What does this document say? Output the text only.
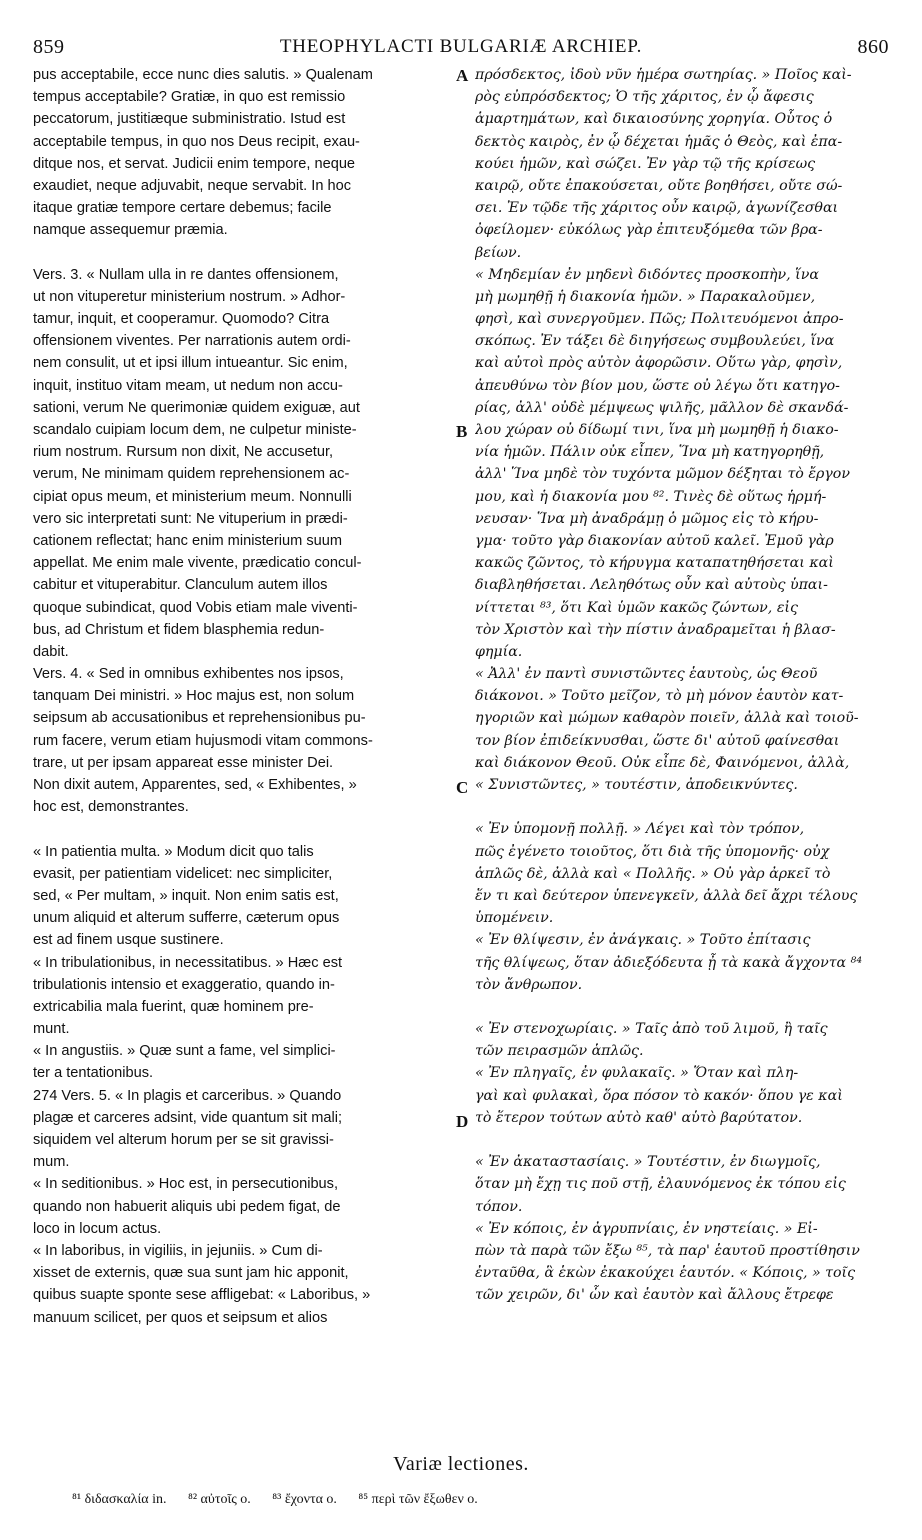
859	THEOPHYLACTI BULGARIÆ ARCHIEP.	860
pus acceptabile, ecce nunc dies salutis. » Qualenam
tempus acceptabile? Gratiæ, in quo est remissio
peccatorum, justitiæque subministratio. Istud est
acceptabile tempus, in quo nos Deus recipit, exau-
ditque nos, et servat. Judicii enim tempore, neque
exaudiet, neque adjuvabit, neque servabit. In hoc
itaque gratiæ tempore certare debemus; facile
namque assequemur præmia.
Vers. 3. « Nullam ulla in re dantes offensionem,
ut non vituperetur ministerium nostrum. » Adhor-
tamur, inquit, et cooperamur. Quomodo? Citra
offensionem viventes. Per narrationis autem ordi-
nem consulit, ut et ipsi illum intueantur. Sic enim,
inquit, instituo vitam meam, ut nedum non accu-
sationi, verum Ne querimoniæ quidem exiguæ, aut
scandalo cuipiam locum dem, ne culpetur ministe-
rium nostrum. Rursum non dixit, Ne accusetur,
verum, Ne minimam quidem reprehensionem ac-
cipiat opus meum, et ministerium meum. Nonnulli
vero sic interpretati sunt: Ne vituperium in prædi-
cationem reflectat; hanc enim ministerium suum
appellat. Me enim male vivente, prædicatio concul-
cabitur et vituperabitur. Clanculum autem illos
quoque subindicat, quod Vobis etiam male viventi-
bus, ad Christum et fidem blasphemia redun-
dabit.
Vers. 4. « Sed in omnibus exhibentes nos ipsos,
tanquam Dei ministri. » Hoc majus est, non solum
seipsum ab accusationibus et reprehensionibus pu-
rum facere, verum etiam hujusmodi vitam commons-
trare, ut per ipsam appareat esse minister Dei.
Non dixit autem, Apparentes, sed, « Exhibentes, »
hoc est, demonstrantes.
« In patientia multa. » Modum dicit quo talis
evasit, per patientiam videlicet: nec simpliciter,
sed, « Per multam, » inquit. Non enim satis est,
unum aliquid et alterum sufferre, cæterum opus
est ad finem usque sustinere.
« In tribulationibus, in necessitatibus. » Hæc est
tribulationis intensio et exaggeratio, quando in-
extricabilia mala fuerint, quæ hominem pre-
munt.
« In angustiis. » Quæ sunt a fame, vel simplici-
ter a tentationibus.
274 Vers. 5. « In plagis et carceribus. » Quando
plagæ et carceres adsint, vide quantum sit mali;
siquidem vel alterum horum per se sit gravissi-
mum.
« In seditionibus. » Hoc est, in persecutionibus,
quando non habuerit aliquis ubi pedem figat, de
loco in locum actus.
« In laboribus, in vigiliis, in jejuniis. » Cum di-
xisset de externis, quæ sua sunt jam hic apponit,
quibus suapte sponte sese affligebat: « Laboribus, »
manuum scilicet, per quos et seipsum et alios
πρόσδεκτος, ἰδοὺ νῦν ἡμέρα σωτηρίας. » Ποῖος καὶ-
ρὸς εὐπρόσδεκτος; Ὁ τῆς χάριτος, ἐν ᾧ ἄφεσις
ἁμαρτημάτων, καὶ δικαιοσύνης χορηγία. Οὗτος ὁ
δεκτὸς καιρὸς, ἐν ᾧ δέχεται ἡμᾶς ὁ Θεὸς, καὶ ἐπα-
κούει ἡμῶν, καὶ σώζει. Ἐν γὰρ τῷ τῆς κρίσεως
καιρῷ, οὔτε ἐπακούσεται, οὔτε βοηθήσει, οὔτε σώ-
σει. Ἐν τῷδε τῆς χάριτος οὖν καιρῷ, ἀγωνίζεσθαι
ὀφείλομεν· εὐκόλως γὰρ ἐπιτευξόμεθα τῶν βρα-
βείων.
« Μηδεμίαν ἐν μηδενὶ διδόντες προσκοπὴν, ἵνα
μὴ μωμηθῇ ἡ διακονία ἡμῶν. » Παρακαλοῦμεν,
φησὶ, καὶ συνεργοῦμεν. Πῶς; Πολιτευόμενοι ἀπρο-
σκόπως. Ἐν τάξει δὲ διηγήσεως συμβουλεύει, ἵνα
καὶ αὐτοὶ πρὸς αὐτὸν ἀφορῶσιν. Οὕτω γὰρ, φησὶν,
ἀπευθύνω τὸν βίον μου, ὥστε οὐ λέγω ὅτι κατηγο-
ρίας, ἀλλ' οὐδὲ μέμψεως ψιλῆς, μᾶλλον δὲ σκανδά-
λου χώραν οὐ δίδωμί τινι, ἵνα μὴ μωμηθῇ ἡ διακο-
νία ἡμῶν. Πάλιν οὐκ εἶπεν, Ἵνα μὴ κατηγορηθῇ,
ἀλλ' Ἵνα μηδὲ τὸν τυχόντα μῶμον δέξηται τὸ ἔργον
μου, καὶ ἡ διακονία μου ⁸². Τινὲς δὲ οὕτως ἡρμή-
νευσαν· Ἵνα μὴ ἀναδράμῃ ὁ μῶμος εἰς τὸ κήρυ-
γμα· τοῦτο γὰρ διακονίαν αὐτοῦ καλεῖ. Ἐμοῦ γὰρ
κακῶς ζῶντος, τὸ κήρυγμα καταπατηθήσεται καὶ
διαβληθήσεται. Λεληθότως οὖν καὶ αὐτοὺς ὑπαι-
νίττεται ⁸³, ὅτι Καὶ ὑμῶν κακῶς ζώντων, εἰς
τὸν Χριστὸν καὶ τὴν πίστιν ἀναδραμεῖται ἡ βλασ-
φημία.
« Ἀλλ' ἐν παντὶ συνιστῶντες ἑαυτοὺς, ὡς Θεοῦ
διάκονοι. » Τοῦτο μεῖζον, τὸ μὴ μόνον ἑαυτὸν κατ-
ηγοριῶν καὶ μώμων καθαρὸν ποιεῖν, ἀλλὰ καὶ τοιοῦ-
τον βίον ἐπιδείκνυσθαι, ὥστε δι' αὐτοῦ φαίνεσθαι
καὶ διάκονον Θεοῦ. Οὐκ εἶπε δὲ, Φαινόμενοι, ἀλλὰ,
« Συνιστῶντες, » τουτέστιν, ἀποδεικνύντες.
« Ἐν ὑπομονῇ πολλῇ. » Λέγει καὶ τὸν τρόπον,
πῶς ἐγένετο τοιοῦτος, ὅτι διὰ τῆς ὑπομονῆς· οὐχ
ἁπλῶς δὲ, ἀλλὰ καὶ « Πολλῆς. » Οὐ γὰρ ἀρκεῖ τὸ
ἕν τι καὶ δεύτερον ὑπενεγκεῖν, ἀλλὰ δεῖ ἄχρι τέλους
ὑπομένειν.
« Ἐν θλίψεσιν, ἐν ἀνάγκαις. » Τοῦτο ἐπίτασις
τῆς θλίψεως, ὅταν ἀδιεξόδευτα ᾖ τὰ κακὰ ἄγχοντα ⁸⁴
τὸν ἄνθρωπον.
« Ἐν στενοχωρίαις. » Ταῖς ἀπὸ τοῦ λιμοῦ, ἢ ταῖς
τῶν πειρασμῶν ἁπλῶς.
« Ἐν πληγαῖς, ἐν φυλακαῖς. » Ὅταν καὶ πλη-
γαὶ καὶ φυλακαὶ, ὅρα πόσον τὸ κακόν· ὅπου γε καὶ
τὸ ἕτερον τούτων αὐτὸ καθ' αὑτὸ βαρύτατον.
« Ἐν ἀκαταστασίαις. » Τουτέστιν, ἐν διωγμοῖς,
ὅταν μὴ ἔχῃ τις ποῦ στῇ, ἐλαυνόμενος ἐκ τόπου εἰς
τόπον.
« Ἐν κόποις, ἐν ἀγρυπνίαις, ἐν νηστείαις. » Εἰ-
πὼν τὰ παρὰ τῶν ἔξω ⁸⁵, τὰ παρ' ἑαυτοῦ προστίθησιν
ἐνταῦθα, ἃ ἑκὼν ἐκακούχει ἑαυτόν. « Κόποις, » τοῖς
τῶν χειρῶν, δι' ὧν καὶ ἑαυτὸν καὶ ἄλλους ἔτρεφε
A
B
C
D
Variæ lectiones.
⁸¹ διδασκαλία in. ⁸² αὐτοῖς o. ⁸³ ἔχοντα o. ⁸⁵ περὶ τῶν ἔξωθεν o.
